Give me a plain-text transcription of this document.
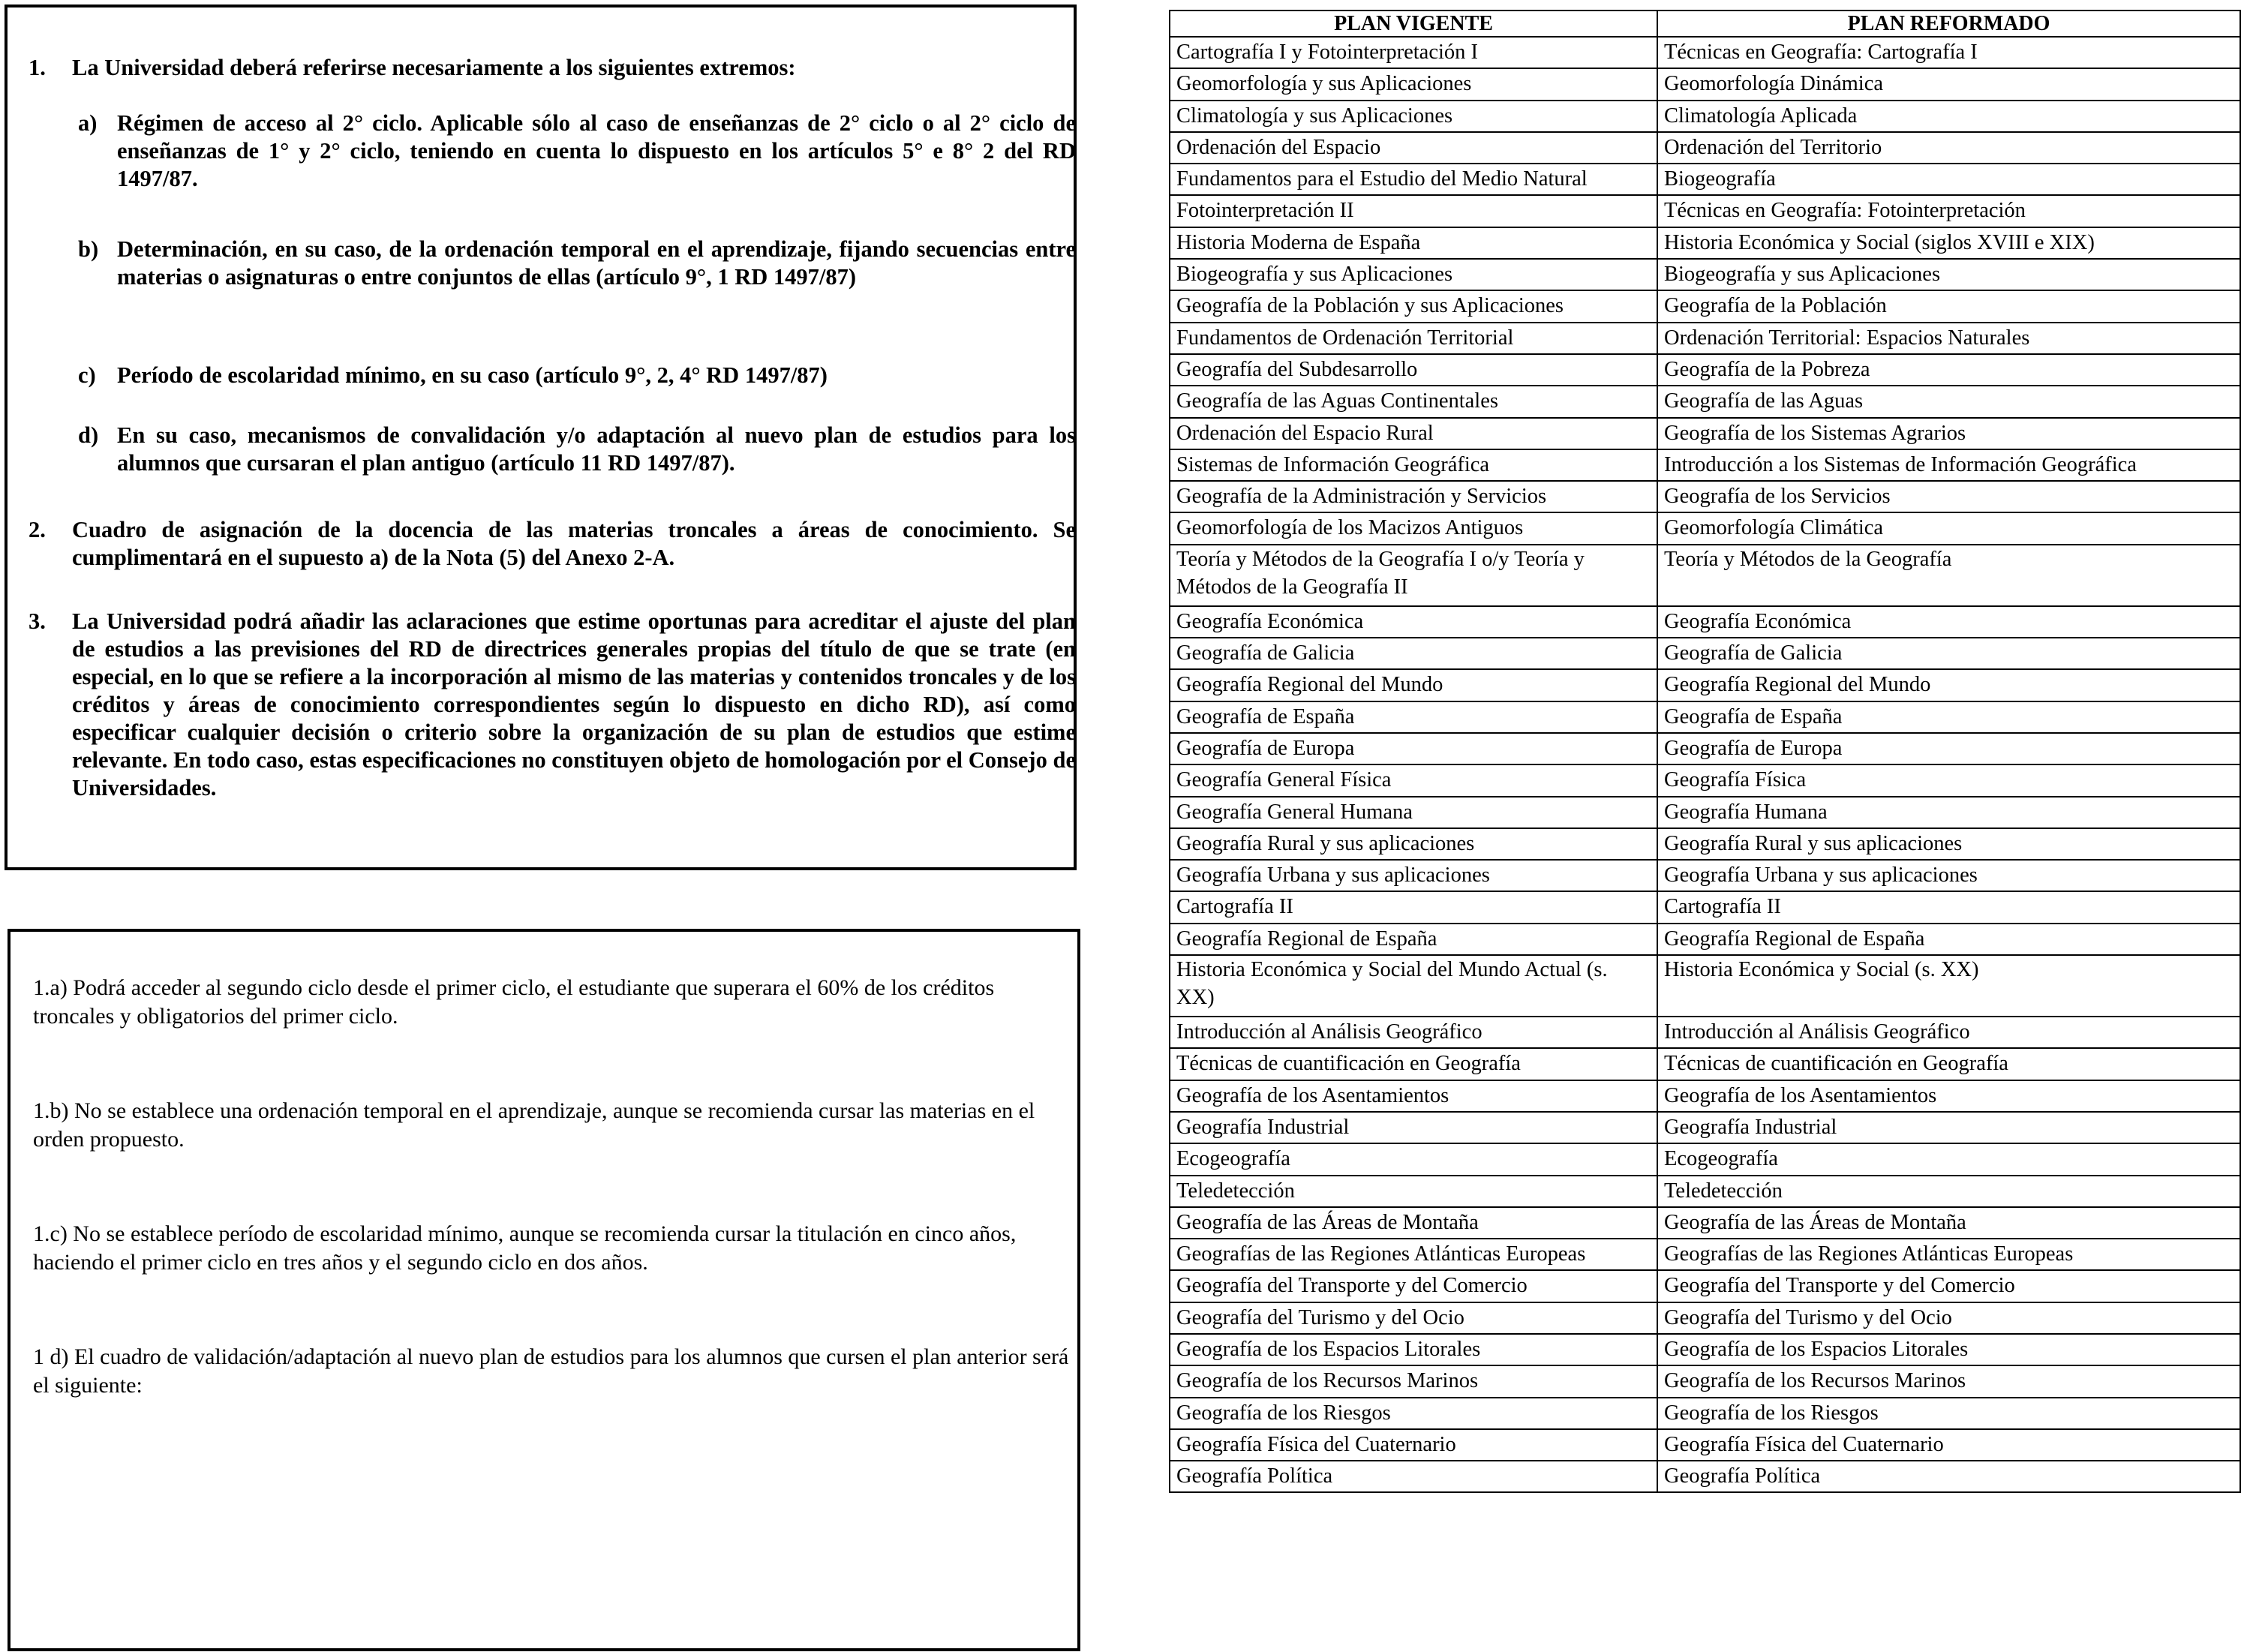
1. La Universidad deberá referirse necesariamente a los siguientes extremos:
a) Régimen de acceso al 2° ciclo. Aplicable sólo al caso de enseñanzas de 2° ciclo o al 2° ciclo de enseñanzas de 1° y 2° ciclo, teniendo en cuenta lo dispuesto en los artículos 5° e 8° 2 del RD 1497/87.
b) Determinación, en su caso, de la ordenación temporal en el aprendizaje, fijando secuencias entre materias o asignaturas o entre conjuntos de ellas (artículo 9°, 1 RD 1497/87)
c) Período de escolaridad mínimo, en su caso (artículo 9°, 2, 4° RD 1497/87)
d) En su caso, mecanismos de convalidación y/o adaptación al nuevo plan de estudios para los alumnos que cursaran el plan antiguo (artículo 11 RD 1497/87).
2. Cuadro de asignación de la docencia de las materias troncales a áreas de conocimiento. Se cumplimentará en el supuesto a) de la Nota (5) del Anexo 2-A.
3. La Universidad podrá añadir las aclaraciones que estime oportunas para acreditar el ajuste del plan de estudios a las previsiones del RD de directrices generales propias del título de que se trate (en especial, en lo que se refiere a la incorporación al mismo de las materias y contenidos troncales y de los créditos y áreas de conocimiento correspondientes según lo dispuesto en dicho RD), así como especificar cualquier decisión o criterio sobre la organización de su plan de estudios que estime relevante. En todo caso, estas especificaciones no constituyen objeto de homologación por el Consejo de Universidades.

1.a) Podrá acceder al segundo ciclo desde el primer ciclo, el estudiante que superara el 60% de los créditos troncales y obligatorios del primer ciclo.

1.b) No se establece una ordenación temporal en el aprendizaje, aunque se recomienda cursar las materias en el orden propuesto.

1.c) No se establece período de escolaridad mínimo, aunque se recomienda cursar la titulación en cinco años, haciendo el primer ciclo en tres años y el segundo ciclo en dos años.

1 d) El cuadro de validación/adaptación al nuevo plan de estudios para los alumnos que cursen el plan anterior será el siguiente:

PLAN VIGENTE	PLAN REFORMADO
Cartografía I y Fotointerpretación I	Técnicas en Geografía: Cartografía I
Geomorfología y sus Aplicaciones	Geomorfología Dinámica
Climatología y sus Aplicaciones	Climatología Aplicada
Ordenación del Espacio	Ordenación del Territorio
Fundamentos para el Estudio del Medio Natural	Biogeografía
Fotointerpretación II	Técnicas en Geografía: Fotointerpretación
Historia Moderna de España	Historia Económica y Social (siglos XVIII e XIX)
Biogeografía y sus Aplicaciones	Biogeografía y sus Aplicaciones
Geografía de la Población y sus Aplicaciones	Geografía de la Población
Fundamentos de Ordenación Territorial	Ordenación Territorial: Espacios Naturales
Geografía del Subdesarrollo	Geografía de la Pobreza
Geografía de las Aguas Continentales	Geografía de las Aguas
Ordenación del Espacio Rural	Geografía de los Sistemas Agrarios
Sistemas de Información Geográfica	Introducción a los Sistemas de Información Geográfica
Geografía de la Administración y Servicios	Geografía de los Servicios
Geomorfología de los Macizos Antiguos	Geomorfología Climática
Teoría y Métodos de la Geografía I o/y Teoría y Métodos de la Geografía II	Teoría y Métodos de la Geografía
Geografía Económica	Geografía Económica
Geografía de Galicia	Geografía de Galicia
Geografía Regional del Mundo	Geografía Regional del Mundo
Geografía de España	Geografía de España
Geografía de Europa	Geografía de Europa
Geografía General Física	Geografía Física
Geografía General Humana	Geografía Humana
Geografía Rural y sus aplicaciones	Geografía Rural y sus aplicaciones
Geografía Urbana y sus aplicaciones	Geografía Urbana y sus aplicaciones
Cartografía II	Cartografía II
Geografía Regional de España	Geografía Regional de España
Historia Económica y Social del Mundo Actual (s. XX)	Historia Económica y Social (s. XX)
Introducción al Análisis Geográfico	Introducción al Análisis Geográfico
Técnicas de cuantificación en Geografía	Técnicas de cuantificación en Geografía
Geografía de los Asentamientos	Geografía de los Asentamientos
Geografía Industrial	Geografía Industrial
Ecogeografía	Ecogeografía
Teledetección	Teledetección
Geografía de las Áreas de Montaña	Geografía de las Áreas de Montaña
Geografías de las Regiones Atlánticas Europeas	Geografías de las Regiones Atlánticas Europeas
Geografía del Transporte y del Comercio	Geografía del Transporte y del Comercio
Geografía del Turismo y del Ocio	Geografía del Turismo y del Ocio
Geografía de los Espacios Litorales	Geografía de los Espacios Litorales
Geografía de los Recursos Marinos	Geografía de los Recursos Marinos
Geografía de los Riesgos	Geografía de los Riesgos
Geografía Física del Cuaternario	Geografía Física del Cuaternario
Geografía Política	Geografía Política
